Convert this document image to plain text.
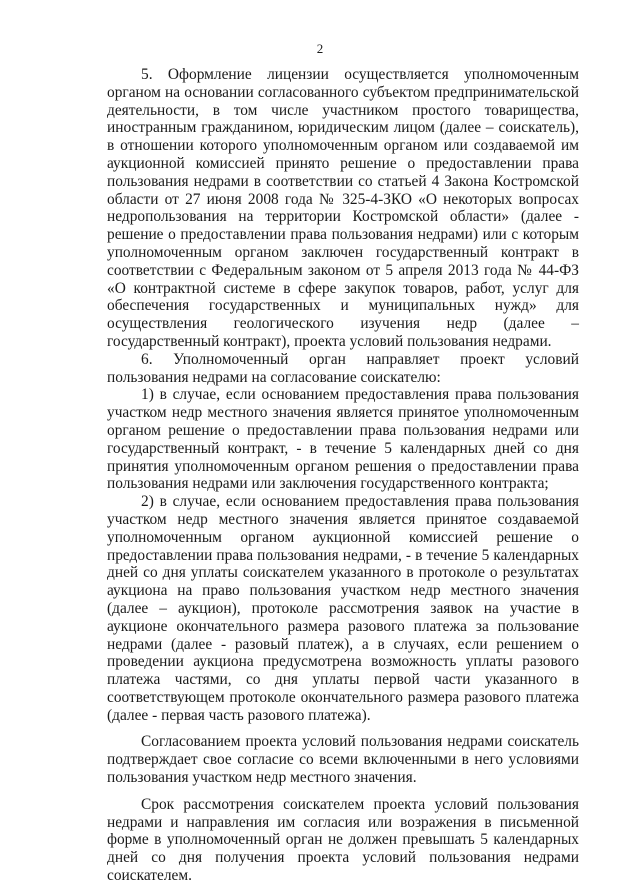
2

5. Оформление лицензии осуществляется уполномоченным органом на основании согласованного субъектом предпринимательской деятельности, в том числе участником простого товарищества, иностранным гражданином, юридическим лицом (далее – соискатель), в отношении которого уполномоченным органом или создаваемой им аукционной комиссией принято решение о предоставлении права пользования недрами в соответствии со статьей 4 Закона Костромской области от 27 июня 2008 года № 325-4-ЗКО «О некоторых вопросах недропользования на территории Костромской области» (далее - решение о предоставлении права пользования недрами) или с которым уполномоченным органом заключен государственный контракт в соответствии с Федеральным законом от 5 апреля 2013 года № 44-ФЗ «О контрактной системе в сфере закупок товаров, работ, услуг для обеспечения государственных и муниципальных нужд» для осуществления геологического изучения недр (далее – государственный контракт), проекта условий пользования недрами.

6. Уполномоченный орган направляет проект условий пользования недрами на согласование соискателю:

1) в случае, если основанием предоставления права пользования участком недр местного значения является принятое уполномоченным органом решение о предоставлении права пользования недрами или государственный контракт, - в течение 5 календарных дней со дня принятия уполномоченным органом решения о предоставлении права пользования недрами или заключения государственного контракта;

2) в случае, если основанием предоставления права пользования участком недр местного значения является принятое создаваемой уполномоченным органом аукционной комиссией решение о предоставлении права пользования недрами, - в течение 5 календарных дней со дня уплаты соискателем указанного в протоколе о результатах аукциона на право пользования участком недр местного значения (далее – аукцион), протоколе рассмотрения заявок на участие в аукционе окончательного размера разового платежа за пользование недрами (далее - разовый платеж), а в случаях, если решением о проведении аукциона предусмотрена возможность уплаты разового платежа частями, со дня уплаты первой части указанного в соответствующем протоколе окончательного размера разового платежа (далее - первая часть разового платежа).

Согласованием проекта условий пользования недрами соискатель подтверждает свое согласие со всеми включенными в него условиями пользования участком недр местного значения.

Срок рассмотрения соискателем проекта условий пользования недрами и направления им согласия или возражения в письменной форме в уполномоченный орган не должен превышать 5 календарных дней со дня получения проекта условий пользования недрами соискателем.
